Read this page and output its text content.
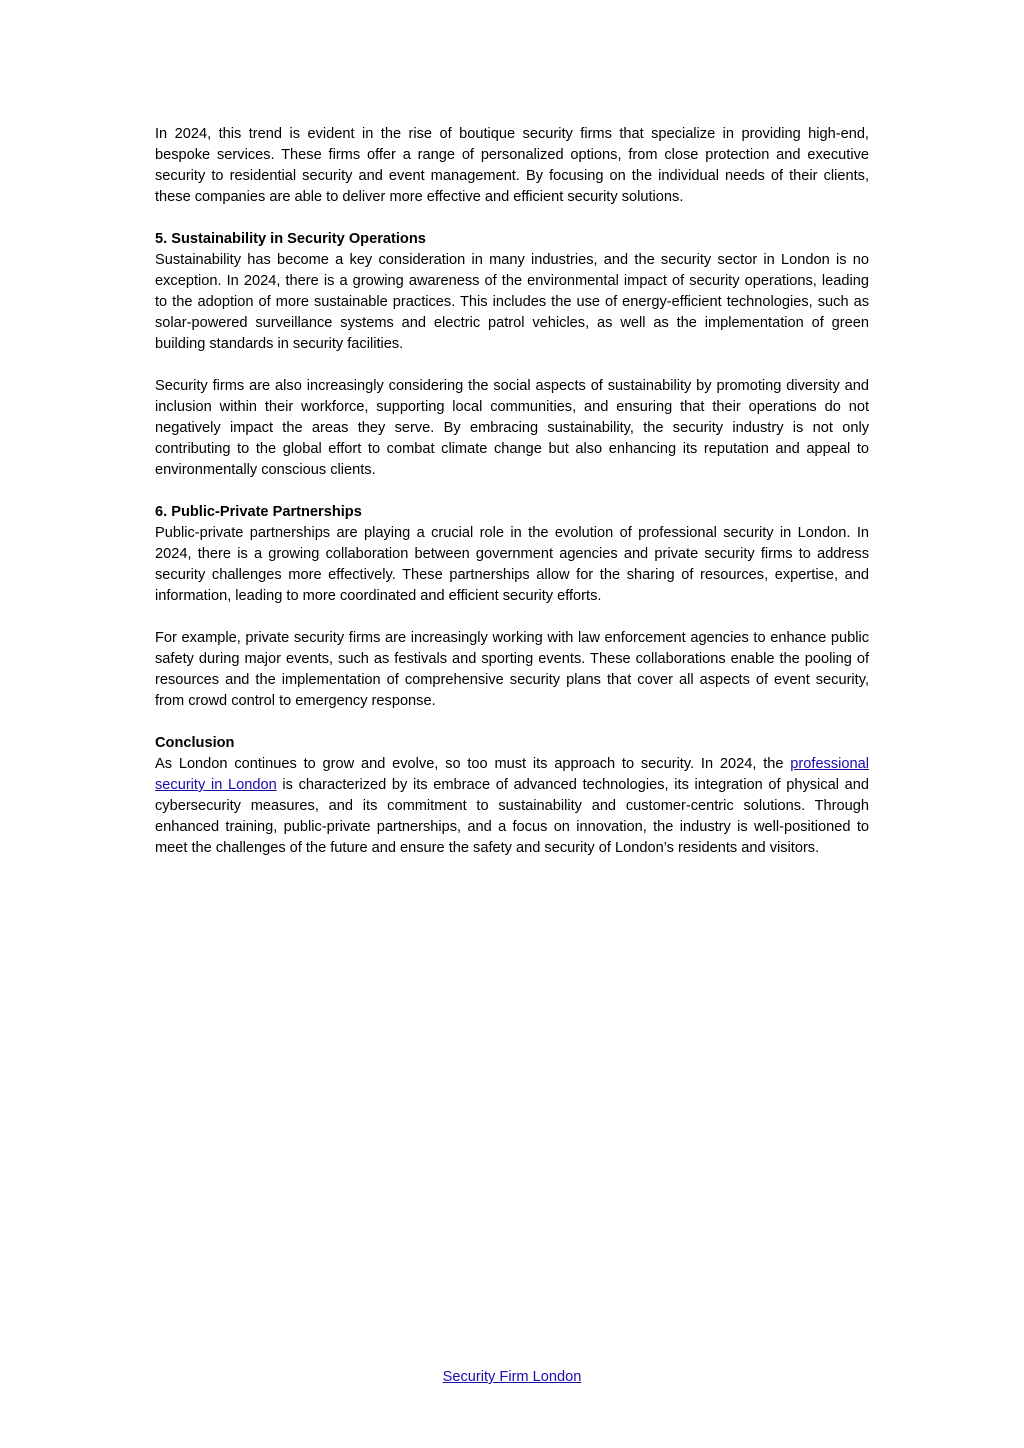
In 2024, this trend is evident in the rise of boutique security firms that specialize in providing high-end, bespoke services. These firms offer a range of personalized options, from close protection and executive security to residential security and event management. By focusing on the individual needs of their clients, these companies are able to deliver more effective and efficient security solutions.

5. Sustainability in Security Operations

Sustainability has become a key consideration in many industries, and the security sector in London is no exception. In 2024, there is a growing awareness of the environmental impact of security operations, leading to the adoption of more sustainable practices. This includes the use of energy-efficient technologies, such as solar-powered surveillance systems and electric patrol vehicles, as well as the implementation of green building standards in security facilities.

Security firms are also increasingly considering the social aspects of sustainability by promoting diversity and inclusion within their workforce, supporting local communities, and ensuring that their operations do not negatively impact the areas they serve. By embracing sustainability, the security industry is not only contributing to the global effort to combat climate change but also enhancing its reputation and appeal to environmentally conscious clients.

6. Public-Private Partnerships

Public-private partnerships are playing a crucial role in the evolution of professional security in London. In 2024, there is a growing collaboration between government agencies and private security firms to address security challenges more effectively. These partnerships allow for the sharing of resources, expertise, and information, leading to more coordinated and efficient security efforts.

For example, private security firms are increasingly working with law enforcement agencies to enhance public safety during major events, such as festivals and sporting events. These collaborations enable the pooling of resources and the implementation of comprehensive security plans that cover all aspects of event security, from crowd control to emergency response.

Conclusion

As London continues to grow and evolve, so too must its approach to security. In 2024, the professional security in London is characterized by its embrace of advanced technologies, its integration of physical and cybersecurity measures, and its commitment to sustainability and customer-centric solutions. Through enhanced training, public-private partnerships, and a focus on innovation, the industry is well-positioned to meet the challenges of the future and ensure the safety and security of London’s residents and visitors.

Security Firm London
